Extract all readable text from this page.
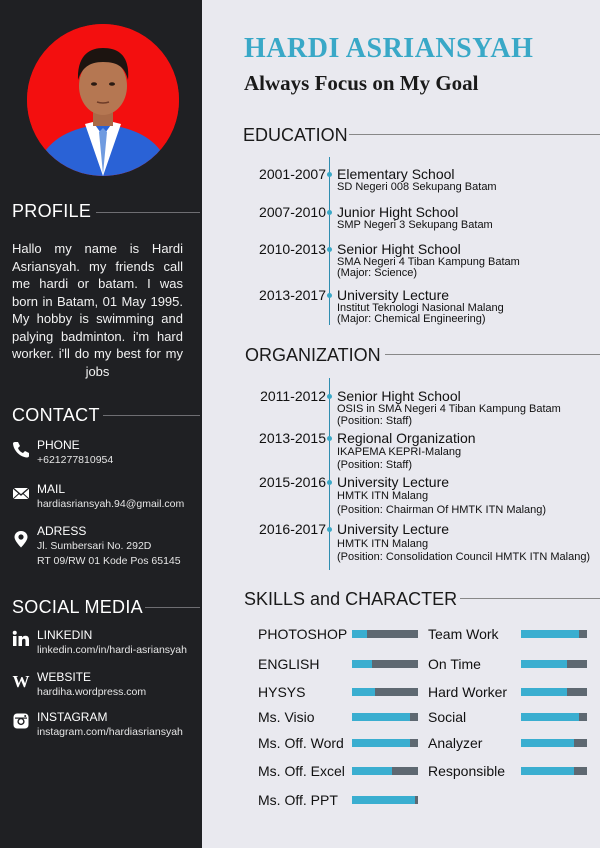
PROFILE
Hallo my name is Hardi Asriansyah. my friends call me hardi or batam. I was born in Batam, 01 May 1995. My hobby is swimming and palying badminton. i'm hard worker. i'll do my best for my jobs
CONTACT
PHONE
+621277810954
MAIL
hardiasriansyah.94@gmail.com
ADRESS
Jl. Sumbersari No. 292D
RT 09/RW 01 Kode Pos 65145
SOCIAL MEDIA
LINKEDIN
linkedin.com/in/hardi-asriansyah
W WEBSITE
hardiha.wordpress.com
INSTAGRAM
instagram.com/hardiasriansyah
HARDI ASRIANSYAH
Always Focus on My Goal
EDUCATION
2001-2007 Elementary School
SD Negeri 008 Sekupang Batam
2007-2010 Junior Hight School
SMP Negeri 3 Sekupang Batam
2010-2013 Senior Hight School
SMA Negeri 4 Tiban Kampung Batam
(Major: Science)
2013-2017 University Lecture
Institut Teknologi Nasional Malang
(Major: Chemical Engineering)
ORGANIZATION
2011-2012 Senior Hight School
OSIS in SMA Negeri 4 Tiban Kampung Batam
(Position: Staff)
2013-2015 Regional Organization
IKAPEMA KEPRI-Malang
(Position: Staff)
2015-2016 University Lecture
HMTK ITN Malang
(Position: Chairman Of HMTK ITN Malang)
2016-2017 University Lecture
HMTK ITN Malang
(Position: Consolidation Council HMTK ITN Malang)
SKILLS and CHARACTER
PHOTOSHOP
ENGLISH
HYSYS
Ms. Visio
Ms. Off. Word
Ms. Off. Excel
Ms. Off. PPT
Team Work
On Time
Hard Worker
Social
Analyzer
Responsible
